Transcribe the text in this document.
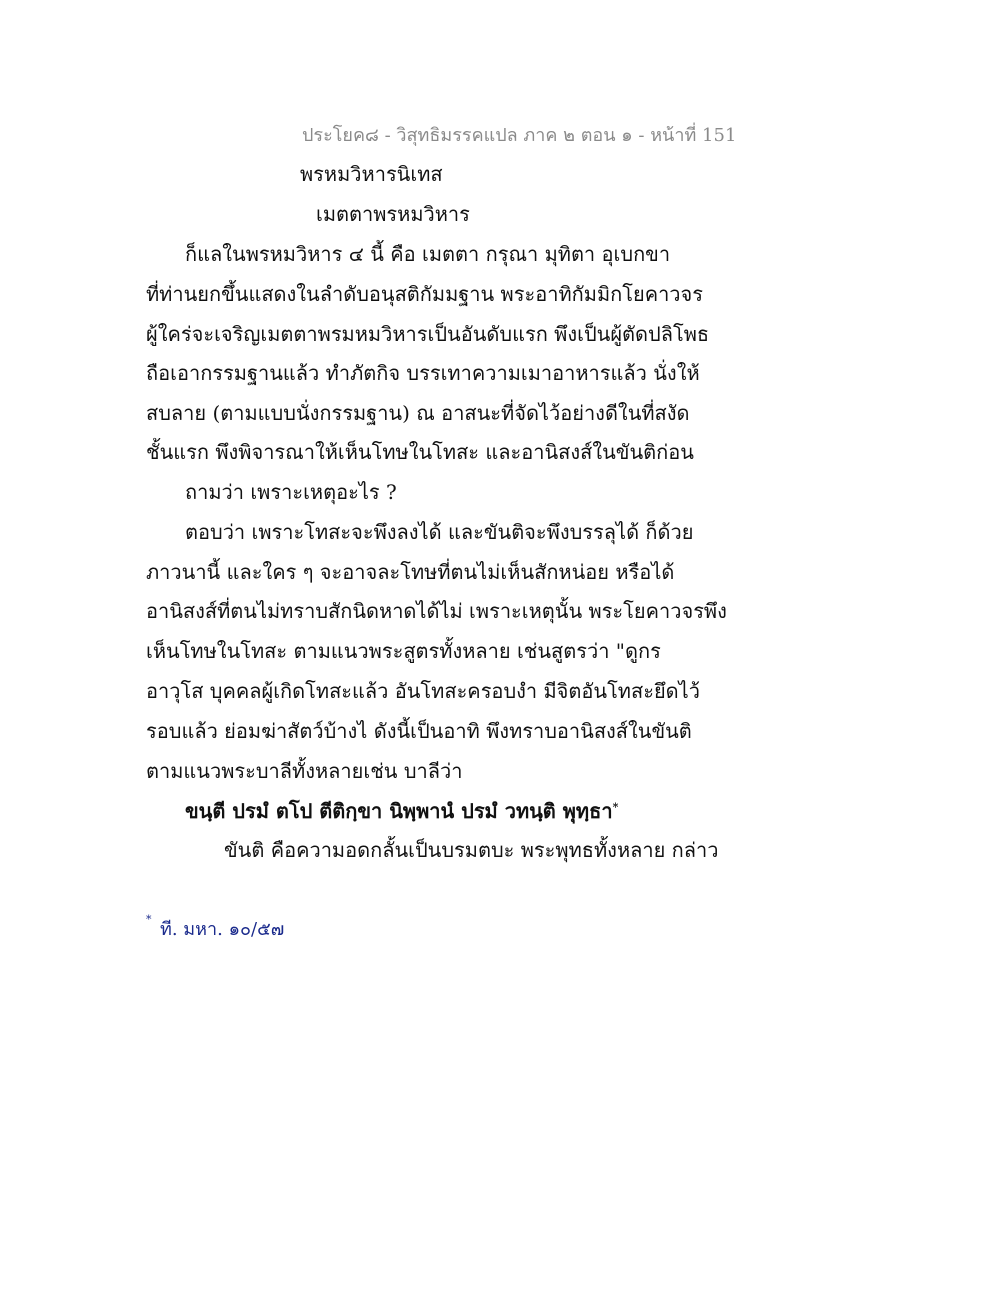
ประโยค๘ - วิสุทธิมรรคแปล ภาค ๒ ตอน ๑ - หน้าที่ 151
พรหมวิหารนิเทส
เมตตาพรหมวิหาร
ก็แลในพรหมวิหาร ๔ นี้ คือ เมตตา กรุณา มุทิตา อุเบกขา
ที่ท่านยกขึ้นแสดงในลำดับอนุสติกัมมฐาน พระอาทิกัมมิกโยคาวจร
ผู้ใคร่จะเจริญเมตตาพรมหมวิหารเป็นอันดับแรก พึงเป็นผู้ตัดปลิโพธ
ถือเอากรรมฐานแล้ว ทำภัตกิจ บรรเทาความเมาอาหารแล้ว นั่งให้
สบลาย (ตามแบบนั่งกรรมฐาน) ณ อาสนะที่จัดไว้อย่างดีในที่สงัด
ชั้นแรก พึงพิจารณาให้เห็นโทษในโทสะ และอานิสงส์ในขันติก่อน
ถามว่า เพราะเหตุอะไร ?
ตอบว่า เพราะโทสะจะพึงลงได้ และขันติจะพึงบรรลุได้ ก็ด้วย
ภาวนานี้ และใคร ๆ จะอาจละโทษที่ตนไม่เห็นสักหน่อย หรือได้
อานิสงส์ที่ตนไม่ทราบสักนิดหาดได้ไม่ เพราะเหตุนั้น พระโยคาวจรพึง
เห็นโทษในโทสะ ตามแนวพระสูตรทั้งหลาย เช่นสูตรว่า "ดูกร
อาวุโส บุคคลผู้เกิดโทสะแล้ว อันโทสะครอบงำ มีจิตอันโทสะยึดไว้
รอบแล้ว ย่อมฆ่าสัตว์บ้างไ ดังนี้เป็นอาทิ พึงทราบอานิสงส์ในขันติ
ตามแนวพระบาลีทั้งหลายเช่น บาลีว่า
ขนฺตี ปรมํ ตโป ตีติกฺขา นิพฺพานํ ปรมํ วทนฺติ พุทฺธา*
ขันติ คือความอดกลั้นเป็นบรมตบะ พระพุทธทั้งหลาย กล่าว
* ที. มหา. ๑๐/๕๗
